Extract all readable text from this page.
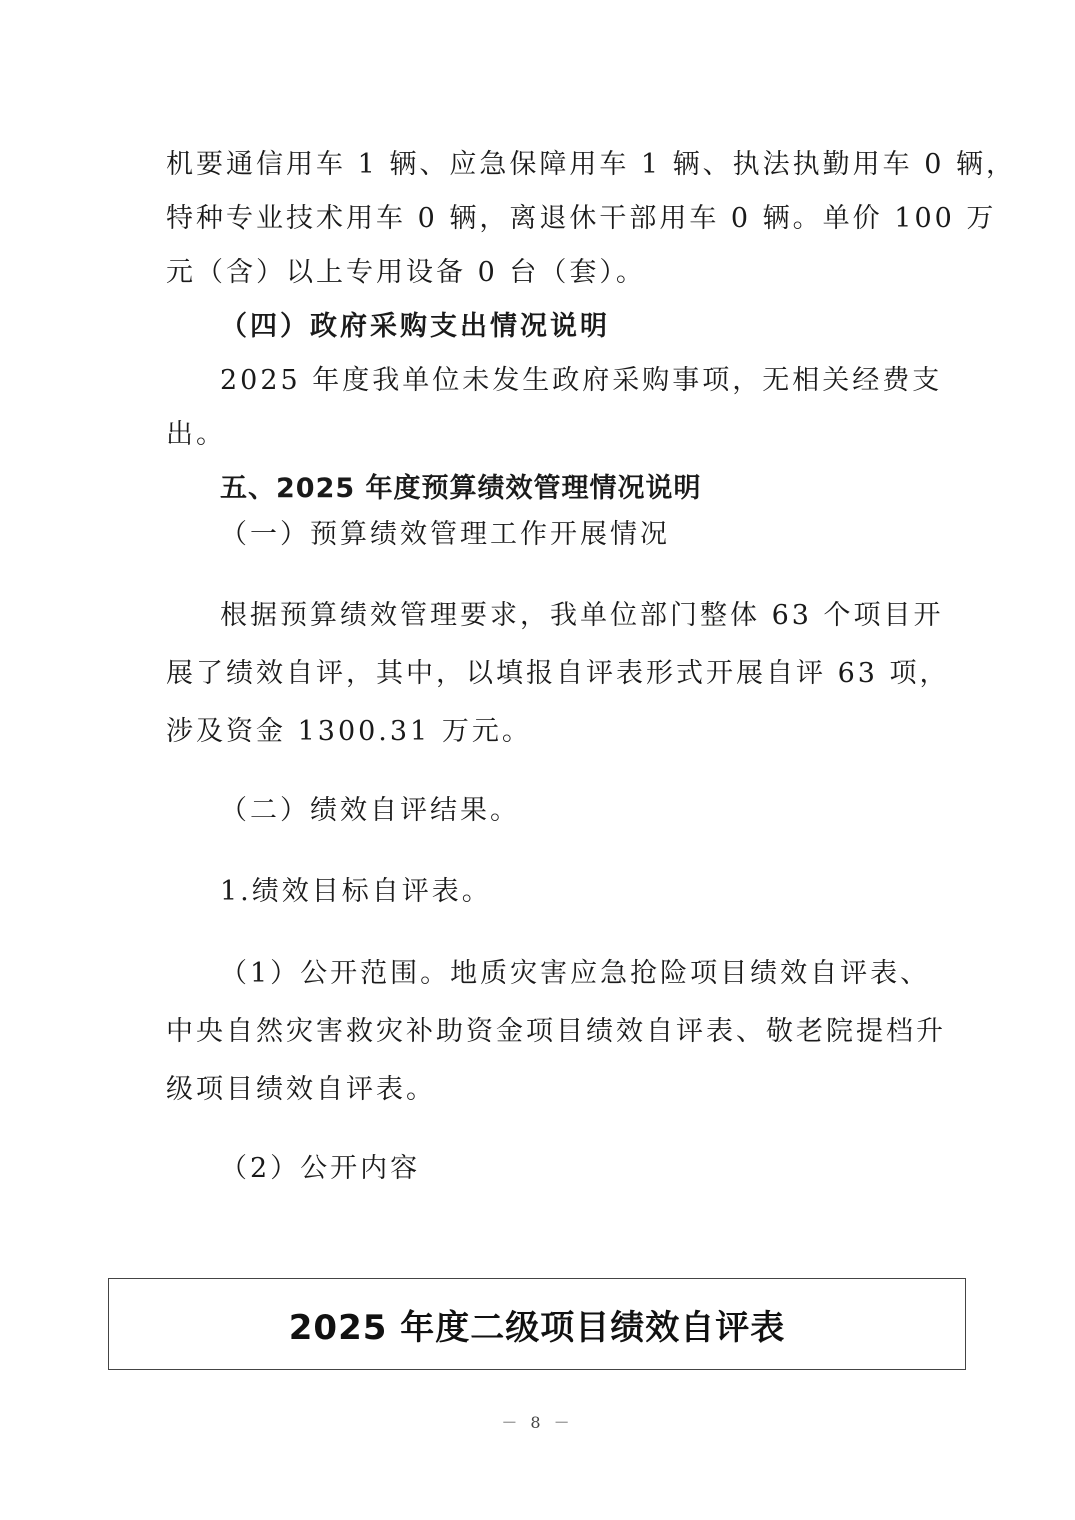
机要通信用车 1 辆、应急保障用车 1 辆、执法执勤用车 0 辆，
特种专业技术用车 0 辆，离退休干部用车 0 辆。单价 100 万
元（含）以上专用设备 0 台（套）。
（四）政府采购支出情况说明
2025 年度我单位未发生政府采购事项，无相关经费支
出。
五、2025 年度预算绩效管理情况说明
（一）预算绩效管理工作开展情况
根据预算绩效管理要求，我单位部门整体 63 个项目开
展了绩效自评，其中，以填报自评表形式开展自评 63 项，
涉及资金 1300.31 万元。
（二）绩效自评结果。
1.绩效目标自评表。
（1）公开范围。地质灾害应急抢险项目绩效自评表、
中央自然灾害救灾补助资金项目绩效自评表、敬老院提档升
级项目绩效自评表。
（2）公开内容
2025 年度二级项目绩效自评表
－ 8 －
